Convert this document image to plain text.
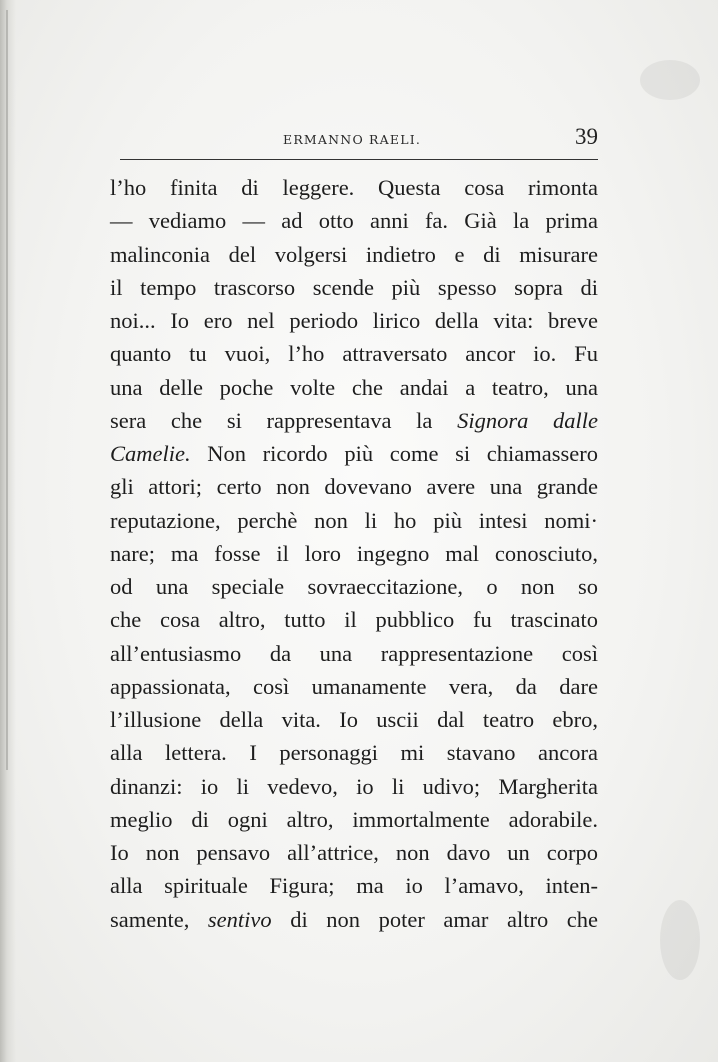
ERMANNO RAELI.	39
l’ho finita di leggere. Questa cosa rimonta
— vediamo — ad otto anni fa. Già la prima
malinconia del volgersi indietro e di misurare
il tempo trascorso scende più spesso sopra di
noi... Io ero nel periodo lirico della vita: breve
quanto tu vuoi, l’ho attraversato ancor io. Fu
una delle poche volte che andai a teatro, una
sera che si rappresentava la Signora dalle
Camelie. Non ricordo più come si chiamassero
gli attori; certo non dovevano avere una grande
reputazione, perchè non li ho più intesi nomi·
nare; ma fosse il loro ingegno mal conosciuto,
od una speciale sovraeccitazione, o non so
che cosa altro, tutto il pubblico fu trascinato
all’entusiasmo da una rappresentazione così
appassionata, così umanamente vera, da dare
l’illusione della vita. Io uscii dal teatro ebro,
alla lettera. I personaggi mi stavano ancora
dinanzi: io li vedevo, io li udivo; Margherita
meglio di ogni altro, immortalmente adorabile.
Io non pensavo all’attrice, non davo un corpo
alla spirituale Figura; ma io l’amavo, inten-
samente, sentivo di non poter amar altro che
